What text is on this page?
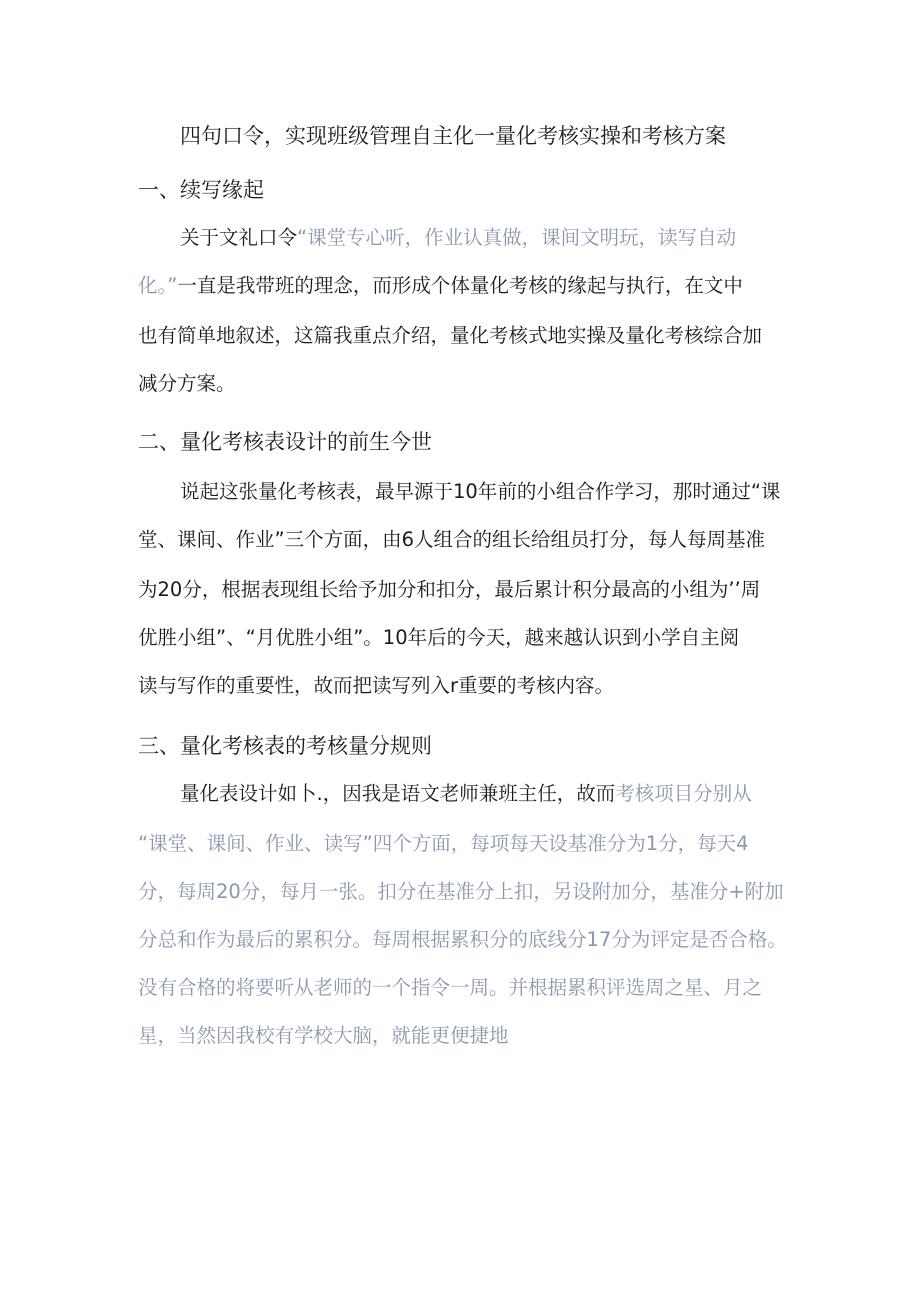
四句口令，实现班级管理自主化一量化考核实操和考核方案
一、续写缘起
关于文礼口令“课堂专心听，作业认真做，课间文明玩，读写自动
化。”一直是我带班的理念，而形成个体量化考核的缘起与执行，在文中
也有简单地叙述，这篇我重点介绍，量化考核式地实操及量化考核综合加
减分方案。
二、量化考核表设计的前生今世
说起这张量化考核表，最早源于10年前的小组合作学习，那时通过“课
堂、课间、作业”三个方面，由6人组合的组长给组员打分，每人每周基准
为20分，根据表现组长给予加分和扣分，最后累计积分最高的小组为’’周
优胜小组”、“月优胜小组”。10年后的今天，越来越认识到小学自主阅
读与写作的重要性，故而把读写列入r重要的考核内容。
三、量化考核表的考核量分规则
量化表设计如卜.，因我是语文老师兼班主任，故而考核项目分别从
“课堂、课间、作业、读写”四个方面，每项每天设基准分为1分，每天4
分，每周20分，每月一张。扣分在基准分上扣，另设附加分，基准分+附加
分总和作为最后的累积分。每周根据累积分的底线分17分为评定是否合格。
没有合格的将要听从老师的一个指令一周。并根据累积评选周之星、月之
星，当然因我校有学校大脑，就能更便捷地
